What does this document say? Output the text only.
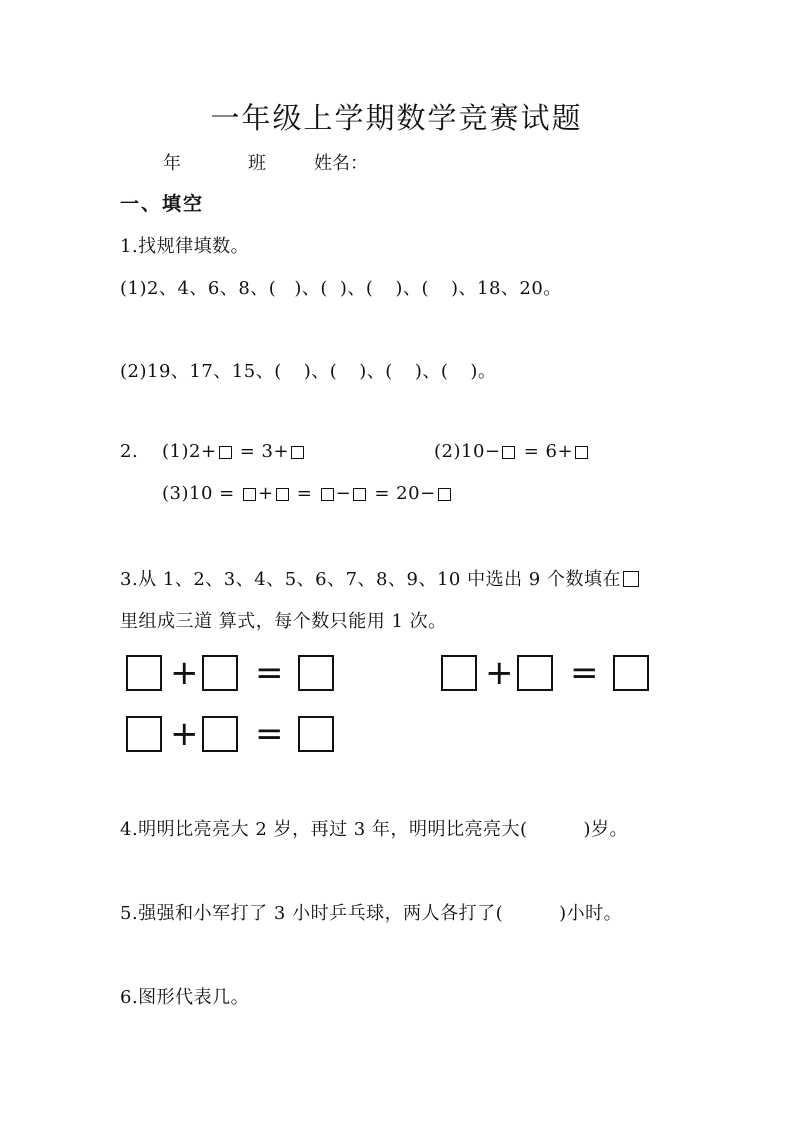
一年级上学期数学竞赛试题
年	班	姓名：
一、填空
1.找规律填数。
(1)2、4、6、8、( )、( )、( )、( )、18、20。
(2)19、17、15、( )、( )、( )、( )。
2. (1)2+ = 3+	(2)10− = 6+
(3)10 = + = − = 20−
3.从 1、2、3、4、5、6、7、8、9、10 中选出 9 个数填在
里组成三道 算式，每个数只能用 1 次。
+ =	+ =
+ =
4.明明比亮亮大 2 岁，再过 3 年，明明比亮亮大(	)岁。
5.强强和小军打了 3 小时乒乓球，两人各打了(	)小时。
6.图形代表几。
